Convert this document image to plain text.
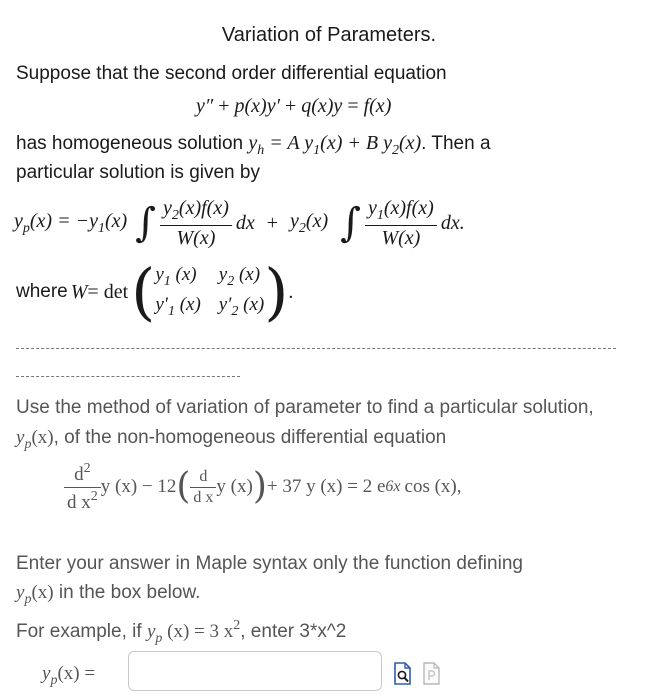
Variation of Parameters.
Suppose that the second order differential equation
y″ + p(x)y′ + q(x)y = f(x)
has homogeneous solution $y_h = A$ $y_1(x) + B$ $y_2(x)$. Then a
particular solution is given by
$y_p(x) = -y_1(x)$ ∫ $\frac{y_2(x)f(x)}{W(x)}$ dx + $y_2(x)$ ∫ $\frac{y_1(x)f(x)}{W(x)}$ dx.
where W = det ( $y_1$ (x) $y_2$ (x)
$y'_1$ (x) $y'_2$ (x) ) .
Use the method of variation of parameter to find a particular solution,
$y_p(x)$, of the non-homogeneous differential equation
$\frac{d^2}{d x^2}$ y (x) − 12 ( $\frac{d}{\text{d x}}$ y (x) ) + 37 y (x) = 2 e 6x cos (x),
Enter your answer in Maple syntax only the function defining
$y_p(x)$ in the box below.
For example, if $y_p$ (x) = 3 $x^2$, enter 3*x^2
$y_p(x)$ =
